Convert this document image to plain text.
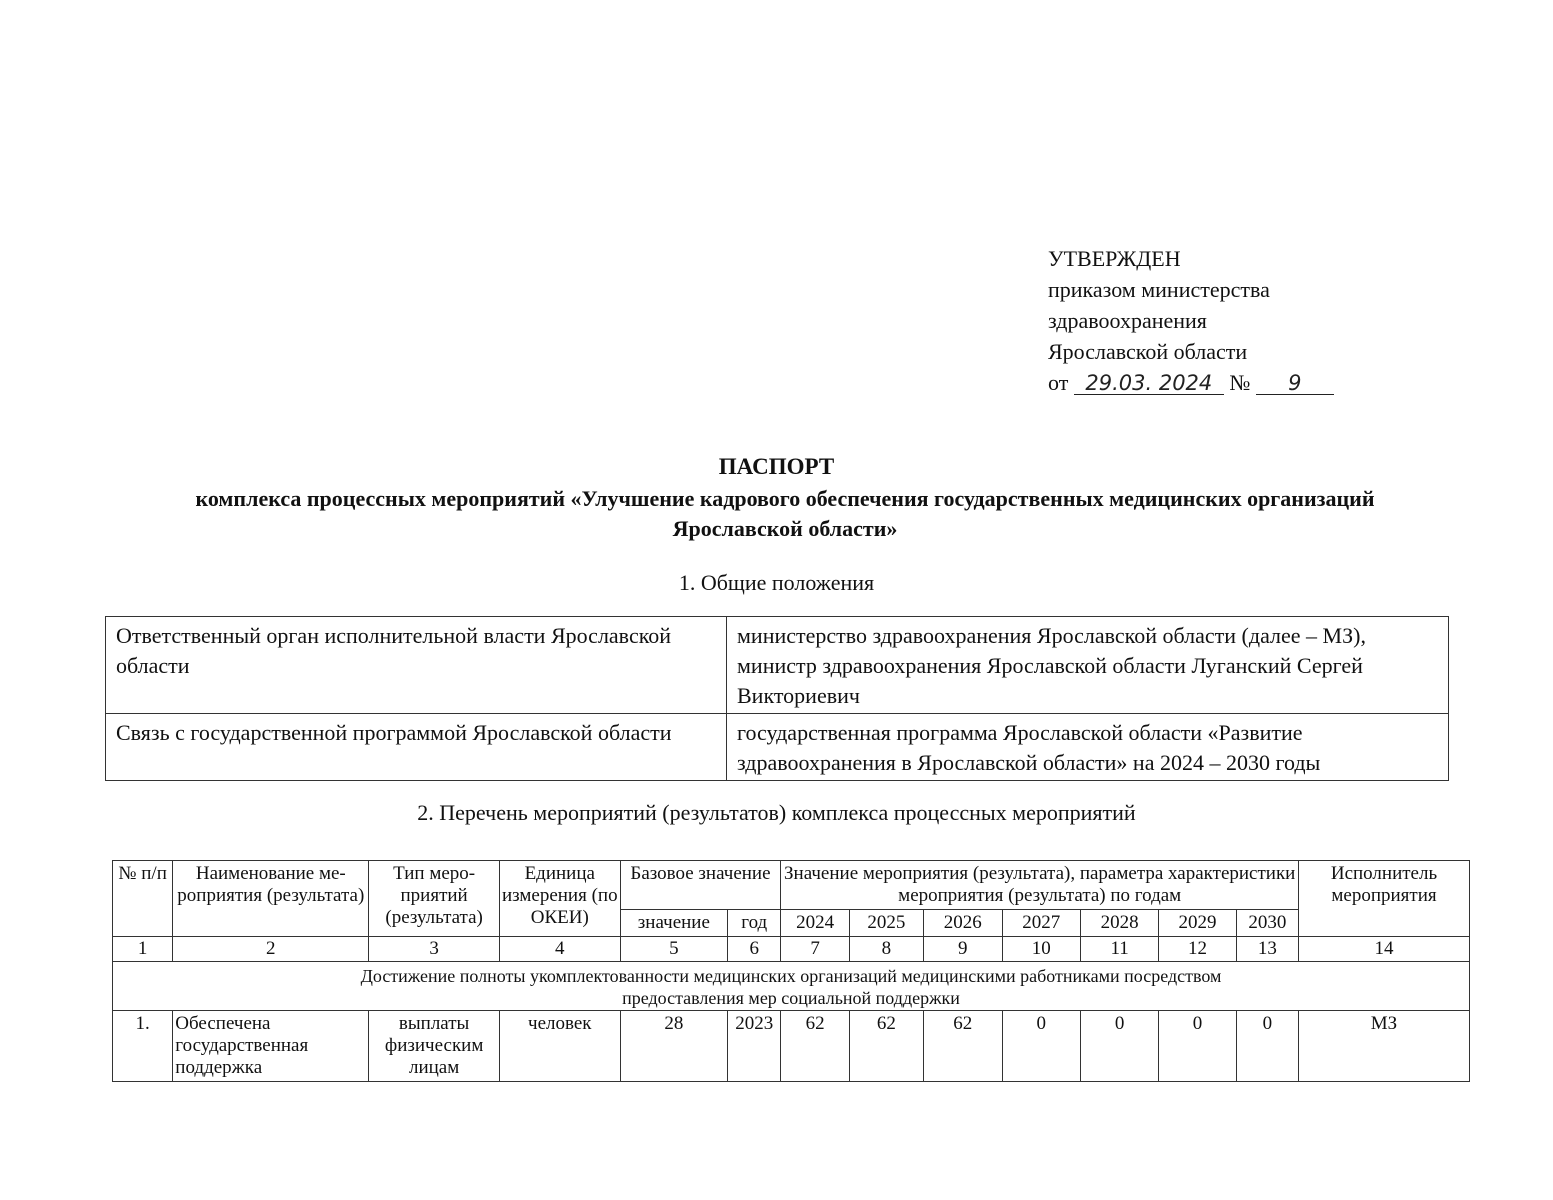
УТВЕРЖДЕН
приказом министерства
здравоохранения
Ярославской области
от 29.03. 2024 № 9
ПАСПОРТ
комплекса процессных мероприятий «Улучшение кадрового обеспечения государственных медицинских организаций Ярославской области»
1. Общие положения
Ответственный орган исполнительной власти Ярославской области	министерство здравоохранения Ярославской области (далее – МЗ), министр здравоохранения Ярославской области Луганский Сергей Викториевич
Связь с государственной программой Ярославской области	государственная программа Ярославской области «Развитие здравоохранения в Ярославской области» на 2024 – 2030 годы
2. Перечень мероприятий (результатов) комплекса процессных мероприятий
№ п/п	Наименование ме-роприятия (результата)	Тип меро-приятий (результата)	Единица измерения (по ОКЕИ)	Базовое значение		Значение мероприятия (результата), параметра характеристики мероприятия (результата) по годам							Исполнитель мероприятия
				значение	год	2024	2025	2026	2027	2028	2029	2030	
1	2	3	4	5	6	7	8	9	10	11	12	13	14
Достижение полноты укомплектованности медицинских организаций медицинскими работниками посредством предоставления мер социальной поддержки													
1.	Обеспечена государственная поддержка	выплаты физическим лицам	человек	28	2023	62	62	62	0	0	0	0	МЗ
